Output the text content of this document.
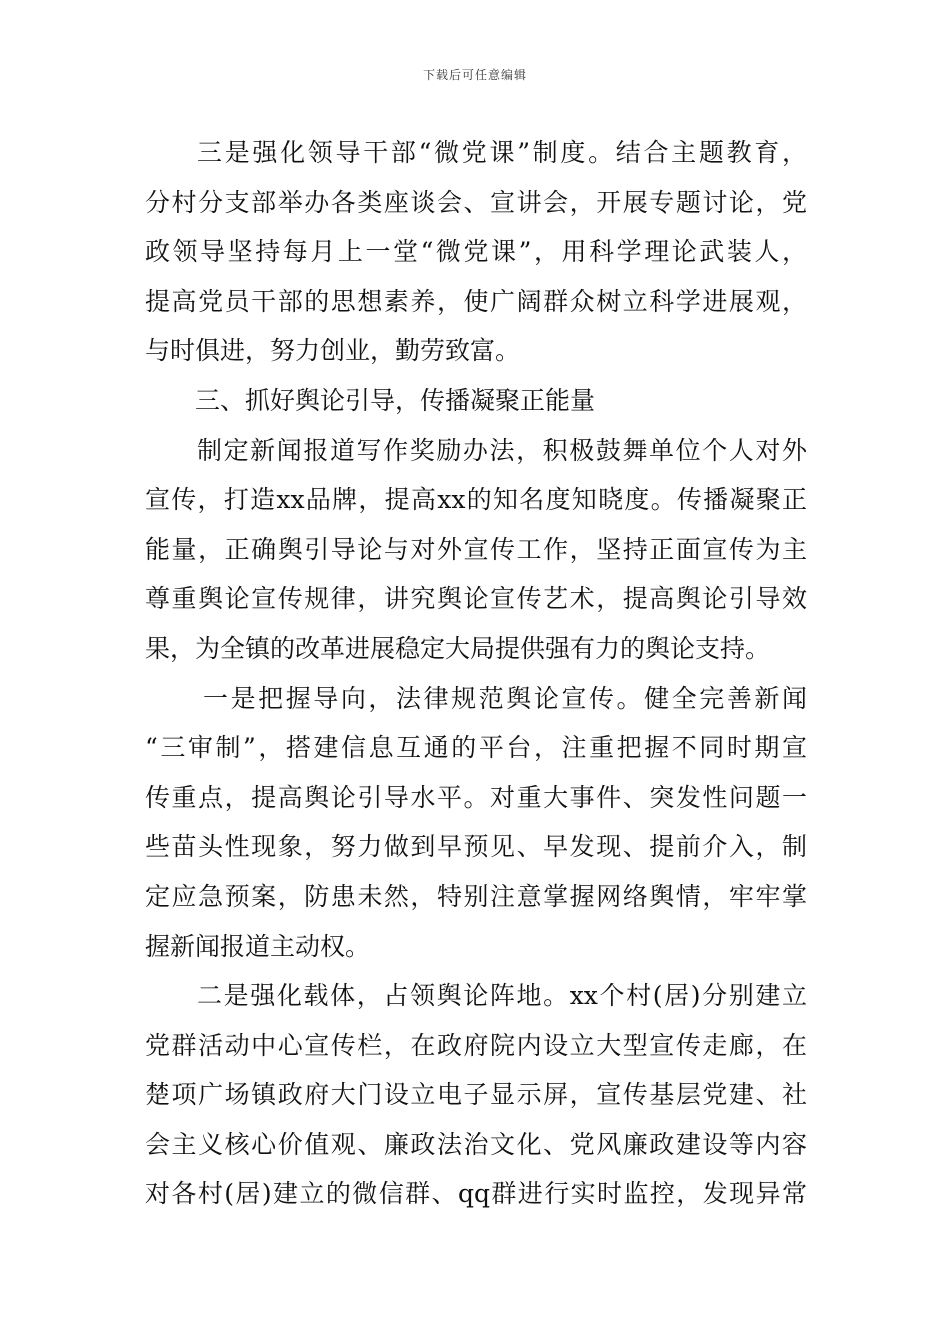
下载后可任意编辑
三是强化领导干部“微党课”制度。结合主题教育，
分村分支部举办各类座谈会、宣讲会，开展专题讨论，党
政领导坚持每月上一堂“微党课”，用科学理论武装人，
提高党员干部的思想素养，使广阔群众树立科学进展观，
与时俱进，努力创业，勤劳致富。
三、抓好舆论引导，传播凝聚正能量
制定新闻报道写作奖励办法，积极鼓舞单位个人对外
宣传，打造xx品牌，提高xx的知名度知晓度。传播凝聚正
能量，正确舆引导论与对外宣传工作，坚持正面宣传为主
尊重舆论宣传规律，讲究舆论宣传艺术，提高舆论引导效
果，为全镇的改革进展稳定大局提供强有力的舆论支持。
一是把握导向，法律规范舆论宣传。健全完善新闻
“三审制”，搭建信息互通的平台，注重把握不同时期宣
传重点，提高舆论引导水平。对重大事件、突发性问题一
些苗头性现象，努力做到早预见、早发现、提前介入，制
定应急预案，防患未然，特别注意掌握网络舆情，牢牢掌
握新闻报道主动权。
二是强化载体，占领舆论阵地。xx个村(居)分别建立
党群活动中心宣传栏，在政府院内设立大型宣传走廊，在
楚项广场镇政府大门设立电子显示屏，宣传基层党建、社
会主义核心价值观、廉政法治文化、党风廉政建设等内容
对各村(居)建立的微信群、qq群进行实时监控，发现异常
